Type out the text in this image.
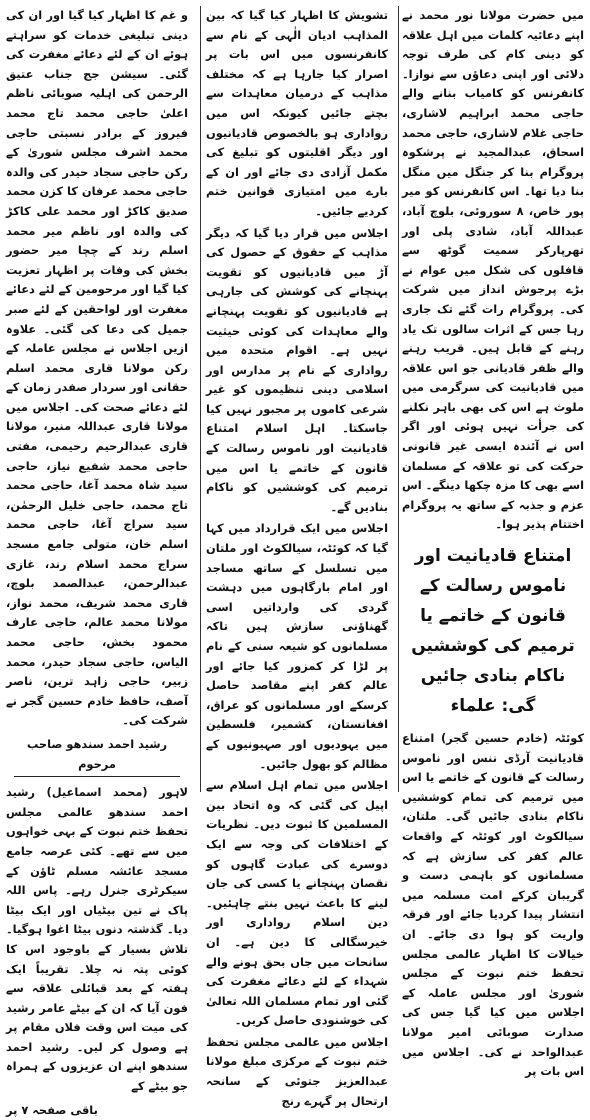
میں حضرت مولانا نور محمد نے اپنے دعائیہ کلمات میں اہل علاقہ کو دینی کام کی طرف توجہ دلائی اور اپنی دعاؤں سے نوازا۔ کانفرنس کو کامیاب بنانے والے حاجی محمد ابراہیم لاشاری، حاجی غلام لاشاری، حاجی محمد اسحاق، عبدالمجید نے پرشکوہ پروگرام بنا کر جنگل میں منگل بنا دیا تھا۔ اس کانفرنس کو میر پور خاص، ۸ سوروئی، بلوچ آباد، عبداللہ آباد، شادی پلی اور تھرپارکر سمیت گوٹھ سے قافلوں کی شکل میں عوام نے بڑے پرجوش انداز میں شرکت کی۔ پروگرام رات گئے تک جاری رہا جس کے اثرات سالوں تک یاد رہنے کے قابل ہیں۔ قریب رہنے والے ظفر قادیانی جو اس علاقہ میں قادیانیت کی سرگرمی میں ملوث ہے اس کی بھی باہر نکلنے کی جرأت نہیں ہوئی اور اگر اس نے آئندہ ایسی غیر قانونی حرکت کی تو علاقہ کے مسلمان اسے بھی کا مزہ چکھا دینگے۔ اس عزم و جذبہ کے ساتھ یہ پروگرام اختتام پذیر ہوا۔

امتناع قادیانیت اور ناموس رسالت کے قانون کے خاتمے یا ترمیم کی کوششیں ناکام بنادی جائیں گی: علماء

کوئٹہ (خادم حسین گجر) امتناع قادیانیت آرڈی ننس اور ناموس رسالت کے قانون کے خاتمے یا اس میں ترمیم کی تمام کوششیں ناکام بنادی جائیں گی۔ ملتان، سیالکوٹ اور کوئٹہ کے واقعات عالم کفر کی سازش ہے کہ مسلمانوں کو باہمی دست و گریبان کرکے امت مسلمہ میں انتشار پیدا کردیا جائے اور فرقہ واریت کو ہوا دی جائے۔ ان خیالات کا اظہار عالمی مجلس تحفظ ختم نبوت کے مجلس شوریٰ اور مجلس عاملہ کے اجلاس میں کیا گیا جس کی صدارت صوبائی امیر مولانا عبدالواحد نے کی۔ اجلاس میں اس بات پر

تشویش کا اظہار کیا گیا کہ بین المذاہب ادیان الٰہی کے نام سے کانفرنسوں میں اس بات پر اصرار کیا جارہا ہے کہ مختلف مذاہب کے درمیان معاہدات سے بچتے جائیں کیونکہ اس میں رواداری ہو بالخصوص قادیانیوں اور دیگر اقلیتوں کو تبلیغ کی مکمل آزادی دی جائے اور ان کے بارے میں امتیازی قوانین ختم کردیے جائیں۔

اجلاس میں قرار دیا گیا کہ دیگر مذاہب کے حقوق کے حصول کی آڑ میں قادیانیوں کو تقویت پہنچانے کی کوشش کی جارہی ہے قادیانیوں کو تقویت پہنچانے والے معاہدات کی کوئی حیثیت نہیں ہے۔ اقوام متحدہ میں رواداری کے نام پر مدارس اور اسلامی دینی تنظیموں کو غیر شرعی کاموں پر مجبور نہیں کیا جاسکتا۔ اہل اسلام امتناع قادیانیت اور ناموس رسالت کے قانون کے خاتمے یا اس میں ترمیم کی کوششیں کو ناکام بنادیں گے۔

اجلاس میں ایک قرارداد میں کہا گیا کہ کوئٹہ، سیالکوٹ اور ملتان میں تسلسل کے ساتھ مساجد اور امام بارگاہوں میں دہشت گردی کی وارداتیں اسی گھناؤنی سازش ہیں تاکہ مسلمانوں کو شیعہ سنی کے نام پر لڑا کر کمزور کیا جائے اور عالم کفر اپنے مقاصد حاصل کرسکے اور مسلمانوں کو عراق، افغانستان، کشمیر، فلسطین میں یہودیوں اور صہیونیوں کے مظالم کو بھول جائیں۔

اجلاس میں تمام اہل اسلام سے اپیل کی گئی کہ وہ اتحاد بین المسلمین کا ثبوت دیں۔ نظریات کے اختلافات کی وجہ سے ایک دوسرے کی عبادت گاہوں کو نقصان پہنچانے یا کسی کی جان لینے کا باعث نہیں بنتے چاہئیں۔ دین اسلام رواداری اور خیرسگالی کا دین ہے۔ ان سانحات میں جاں بحق ہونے والے شہداء کے لئے دعائے مغفرت کی گئی اور تمام مسلمان اللہ تعالیٰ کی خوشنودی حاصل کریں۔

اجلاس میں عالمی مجلس تحفظ ختم نبوت کے مرکزی مبلغ مولانا عبدالعزیز جتوئی کے سانحہ ارتحال پر گہرے رنج

و غم کا اظہار کیا گیا اور ان کی دینی تبلیغی خدمات کو سراہتے ہوئے ان کے لئے دعائے مغفرت کی گئی۔ سیشن جج جناب عتیق الرحمن کی اہلیہ صوبائی ناظم اعلیٰ حاجی محمد تاج محمد فیروز کے برادر نسبتی حاجی محمد اشرف مجلس شوریٰ کے رکن حاجی سجاد حیدر کی والدہ حاجی محمد عرفان کا کزن محمد صدیق کاکڑ اور محمد علی کاکڑ کی والدہ اور ناظم میر محمد اسلم رند کے چچا میر حضور بخش کی وفات پر اظہار تعزیت کیا گیا اور مرحومین کے لئے دعائے مغفرت اور لواحقین کے لئے صبر جمیل کی دعا کی گئی۔ علاوہ ازیں اجلاس نے مجلس عاملہ کے رکن مولانا قاری محمد اسلم حقانی اور سردار صفدر زمان کے لئے دعائے صحت کی۔ اجلاس میں مولانا قاری عبداللہ منیر، مولانا قاری عبدالرحیم رحیمی، مفتی حاجی محمد شفیع نیاز، حاجی سید شاہ محمد آغا، حاجی محمد تاج محمد، حاجی خلیل الرحمٰن، سید سراج آغا، حاجی محمد اسلم خان، متولی جامع مسجد سراج محمد اسلام رند، غازی عبدالرحمن، عبدالصمد بلوچ، قاری محمد شریف، محمد نواز، مولانا محمد عالم، حاجی عارف محمود بخش، حاجی محمد الیاس، حاجی سجاد حیدر، محمد زبیر، حاجی زاہد ترین، ناصر آصف، حافظ خادم حسین گجر نے شرکت کی۔

رشید احمد سندھو صاحب مرحوم

لاہور (محمد اسماعیل) رشید احمد سندھو عالمی مجلس تحفظ ختم نبوت کے بہی خواہوں میں سے تھے۔ کئی عرصہ جامع مسجد عائشہ مسلم ٹاؤن کے سیکرٹری جنرل رہے۔ پاس اللہ پاک نے تین بیٹیاں اور ایک بیٹا دیا۔ گذشتہ دنوں بیٹا اغوا ہوگیا۔ تلاش بسیار کے باوجود اس کا کوئی پتہ نہ چلا۔ تقریباً ایک ہفتہ کے بعد قبائلی علاقہ سے فون آیا کہ ان کے بیٹے عامر رشید کی میت اس وقت فلاں مقام پر ہے وصول کر لیں۔ رشید احمد سندھو اپنے ان عزیزوں کے ہمراہ جو بیٹے کے

باقی صفحہ ۷ پر
